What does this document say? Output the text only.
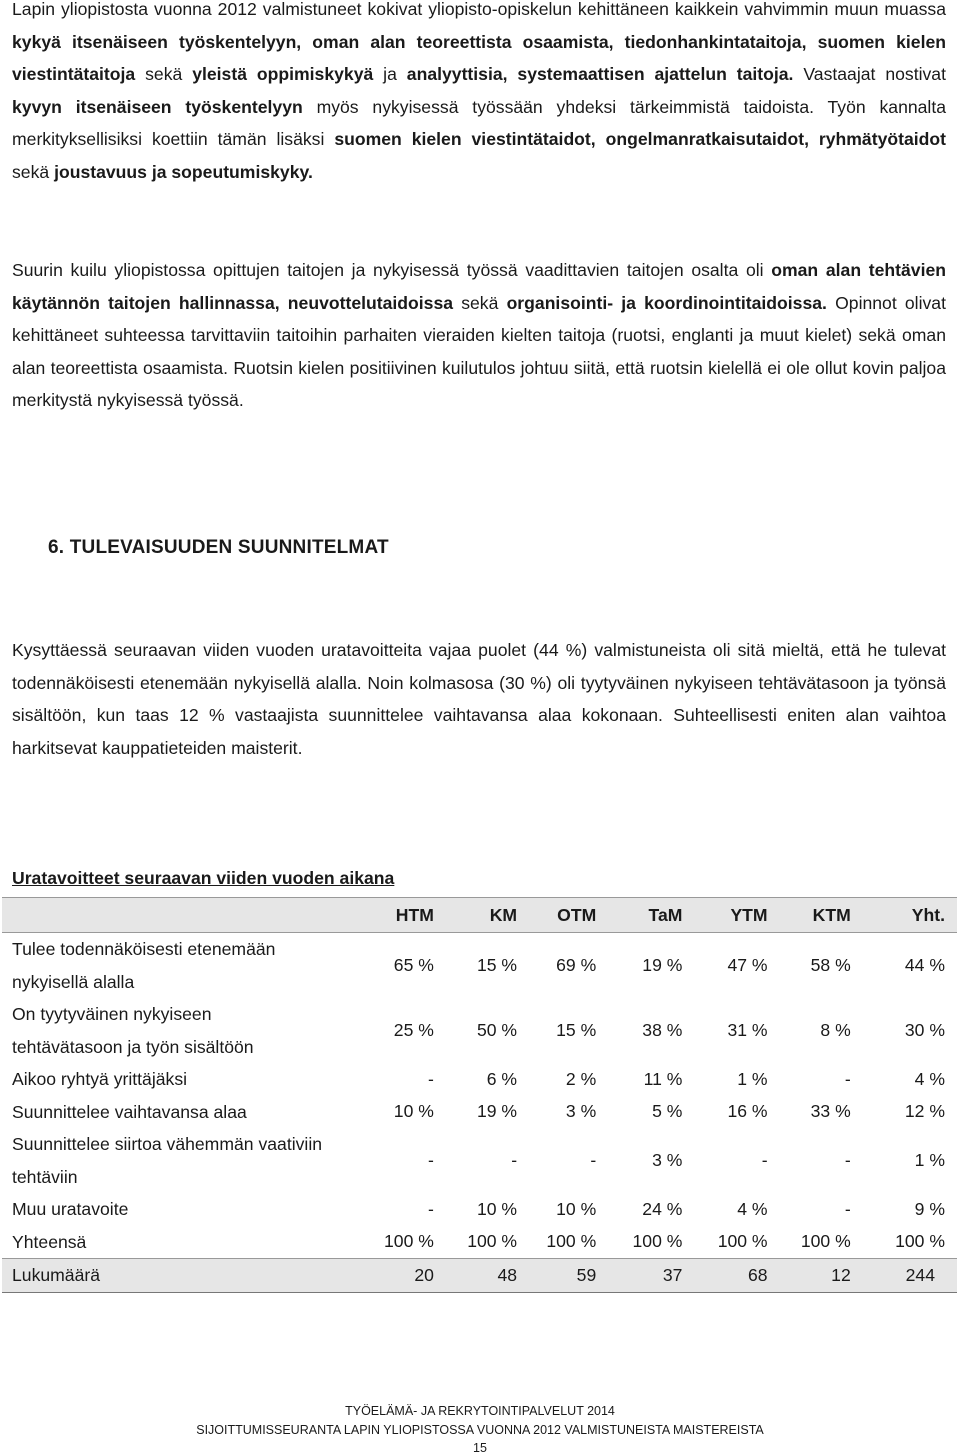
Lapin yliopistosta vuonna 2012 valmistuneet kokivat yliopisto-opiskelun kehittäneen kaikkein vahvimmin muun muassa kykyä itsenäiseen työskentelyyn, oman alan teoreettista osaamista, tiedonhankintataitoja, suomen kielen viestintätaitoja sekä yleistä oppimiskykyä ja analyyttisia, systemaattisen ajattelun taitoja. Vastaajat nostivat kyvyn itsenäiseen työskentelyyn myös nykyisessä työssään yhdeksi tärkeimmistä taidoista. Työn kannalta merkityksellisiksi koettiin tämän lisäksi suomen kielen viestintätaidot, ongelmanratkaisutaidot, ryhmätyötaidot sekä joustavuus ja sopeutumiskyky.

Suurin kuilu yliopistossa opittujen taitojen ja nykyisessä työssä vaadittavien taitojen osalta oli oman alan tehtävien käytännön taitojen hallinnassa, neuvottelutaidoissa sekä organisointi- ja koordinointitaidoissa. Opinnot olivat kehittäneet suhteessa tarvittaviin taitoihin parhaiten vieraiden kielten taitoja (ruotsi, englanti ja muut kielet) sekä oman alan teoreettista osaamista. Ruotsin kielen positiivinen kuilutulos johtuu siitä, että ruotsin kielellä ei ole ollut kovin paljoa merkitystä nykyisessä työssä.

6. TULEVAISUUDEN SUUNNITELMAT

Kysyttäessä seuraavan viiden vuoden uratavoitteita vajaa puolet (44 %) valmistuneista oli sitä mieltä, että he tulevat todennäköisesti etenemään nykyisellä alalla. Noin kolmasosa (30 %) oli tyytyväinen nykyiseen tehtävätasoon ja työnsä sisältöön, kun taas 12 % vastaajista suunnittelee vaihtavansa alaa kokonaan. Suhteellisesti eniten alan vaihtoa harkitsevat kauppatieteiden maisterit.

Uratavoitteet seuraavan viiden vuoden aikana

	HTM	KM	OTM	TaM	YTM	KTM	Yht.
Tulee todennäköisesti etenemään nykyisellä alalla	65 %	15 %	69 %	19 %	47 %	58 %	44 %
On tyytyväinen nykyiseen tehtävätasoon ja työn sisältöön	25 %	50 %	15 %	38 %	31 %	8 %	30 %
Aikoo ryhtyä yrittäjäksi	-	6 %	2 %	11 %	1 %	-	4 %
Suunnittelee vaihtavansa alaa	10 %	19 %	3 %	5 %	16 %	33 %	12 %
Suunnittelee siirtoa vähemmän vaativiin tehtäviin	-	-	-	3 %	-	-	1 %
Muu uratavoite	-	10 %	10 %	24 %	4 %	-	9 %
Yhteensä	100 %	100 %	100 %	100 %	100 %	100 %	100 %
Lukumäärä	20	48	59	37	68	12	244

TYÖELÄMÄ- JA REKRYTOINTIPALVELUT 2014

SIJOITTUMISSEURANTA LAPIN YLIOPISTOSSA VUONNA 2012 VALMISTUNEISTA MAISTEREISTA

15
